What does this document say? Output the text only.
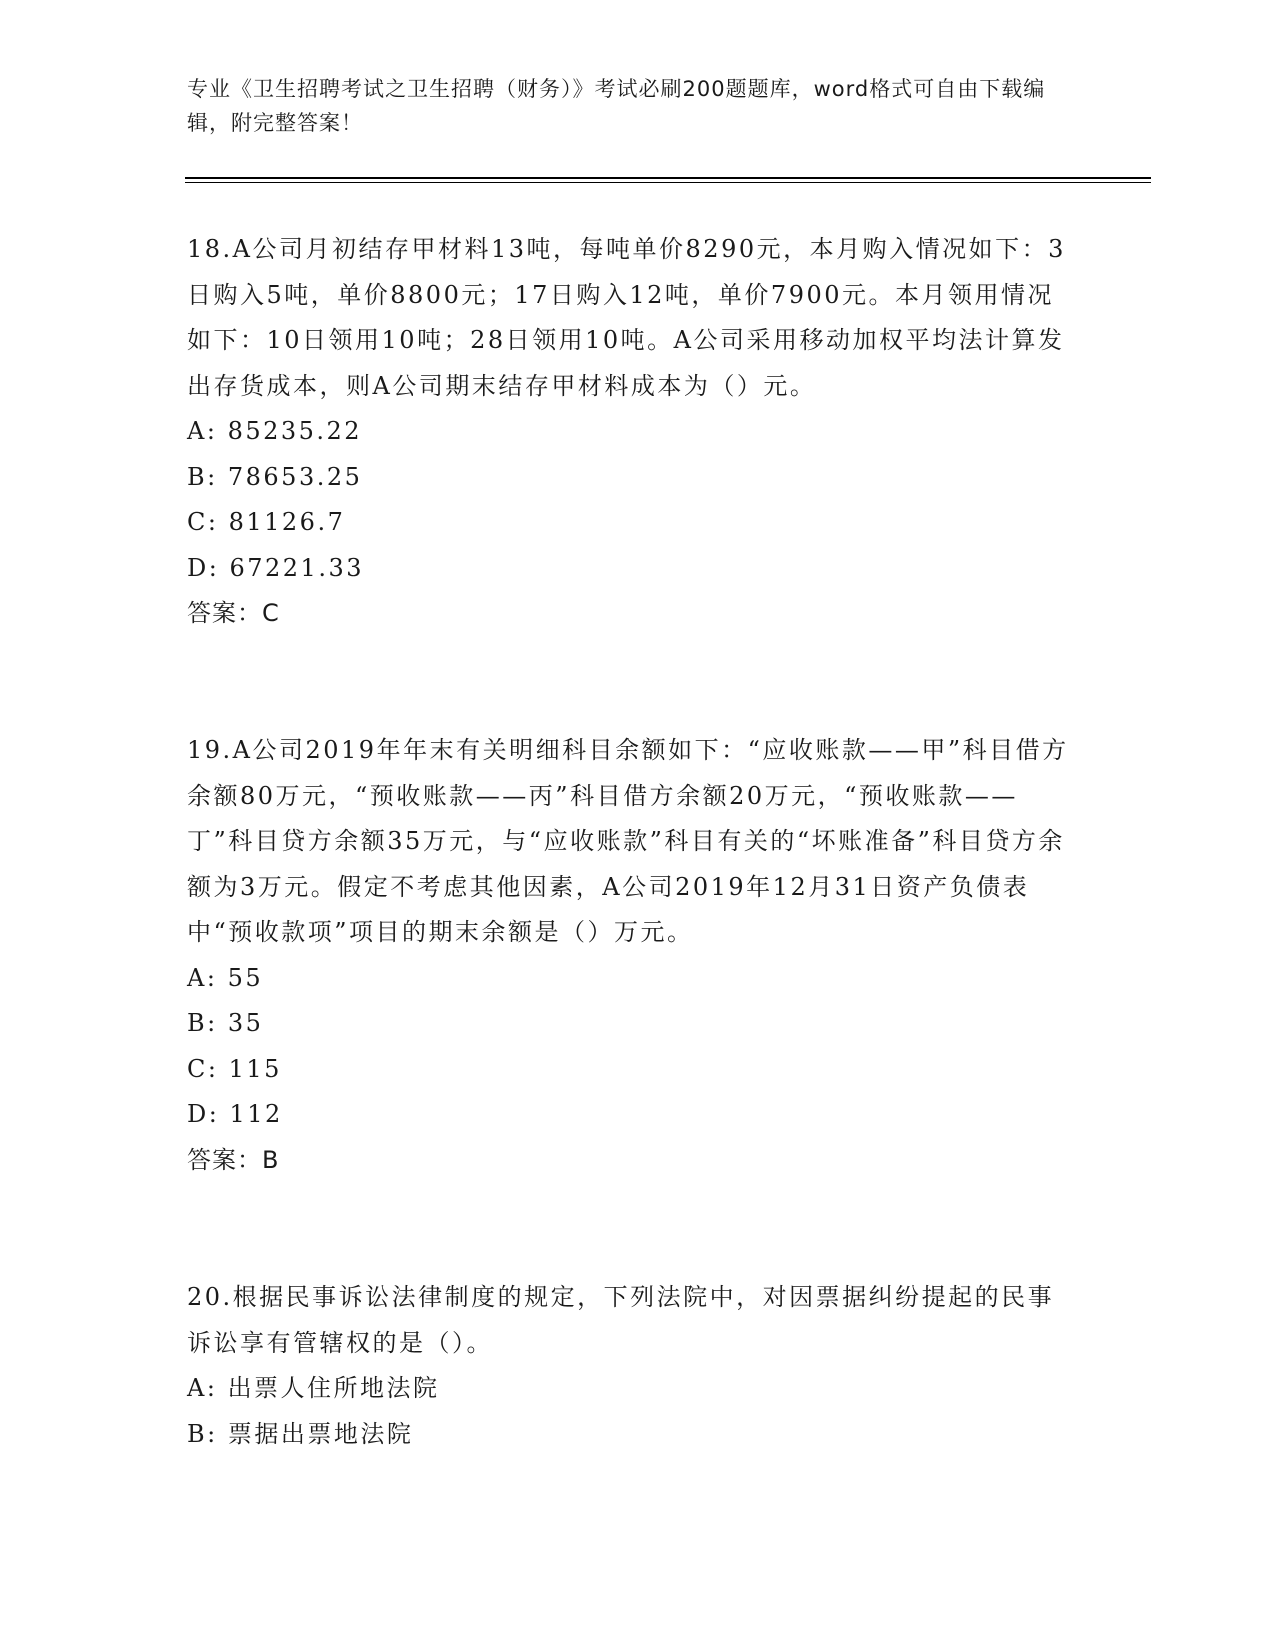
专业《卫生招聘考试之卫生招聘（财务）》考试必刷200题题库，word格式可自由下载编辑，附完整答案！

18.A公司月初结存甲材料13吨，每吨单价8290元，本月购入情况如下：3日购入5吨，单价8800元；17日购入12吨，单价7900元。本月领用情况如下：10日领用10吨；28日领用10吨。A公司采用移动加权平均法计算发出存货成本，则A公司期末结存甲材料成本为（）元。

A: 85235.22

B: 78653.25

C: 81126.7

D: 67221.33

答案：C

19.A公司2019年年末有关明细科目余额如下：“应收账款——甲”科目借方余额80万元，“预收账款——丙”科目借方余额20万元，“预收账款——丁”科目贷方余额35万元，与“应收账款”科目有关的“坏账准备”科目贷方余额为3万元。假定不考虑其他因素，A公司2019年12月31日资产负债表中“预收款项”项目的期末余额是（）万元。

A: 55

B: 35

C: 115

D: 112

答案：B

20.根据民事诉讼法律制度的规定，下列法院中，对因票据纠纷提起的民事诉讼享有管辖权的是（）。

A: 出票人住所地法院

B: 票据出票地法院
